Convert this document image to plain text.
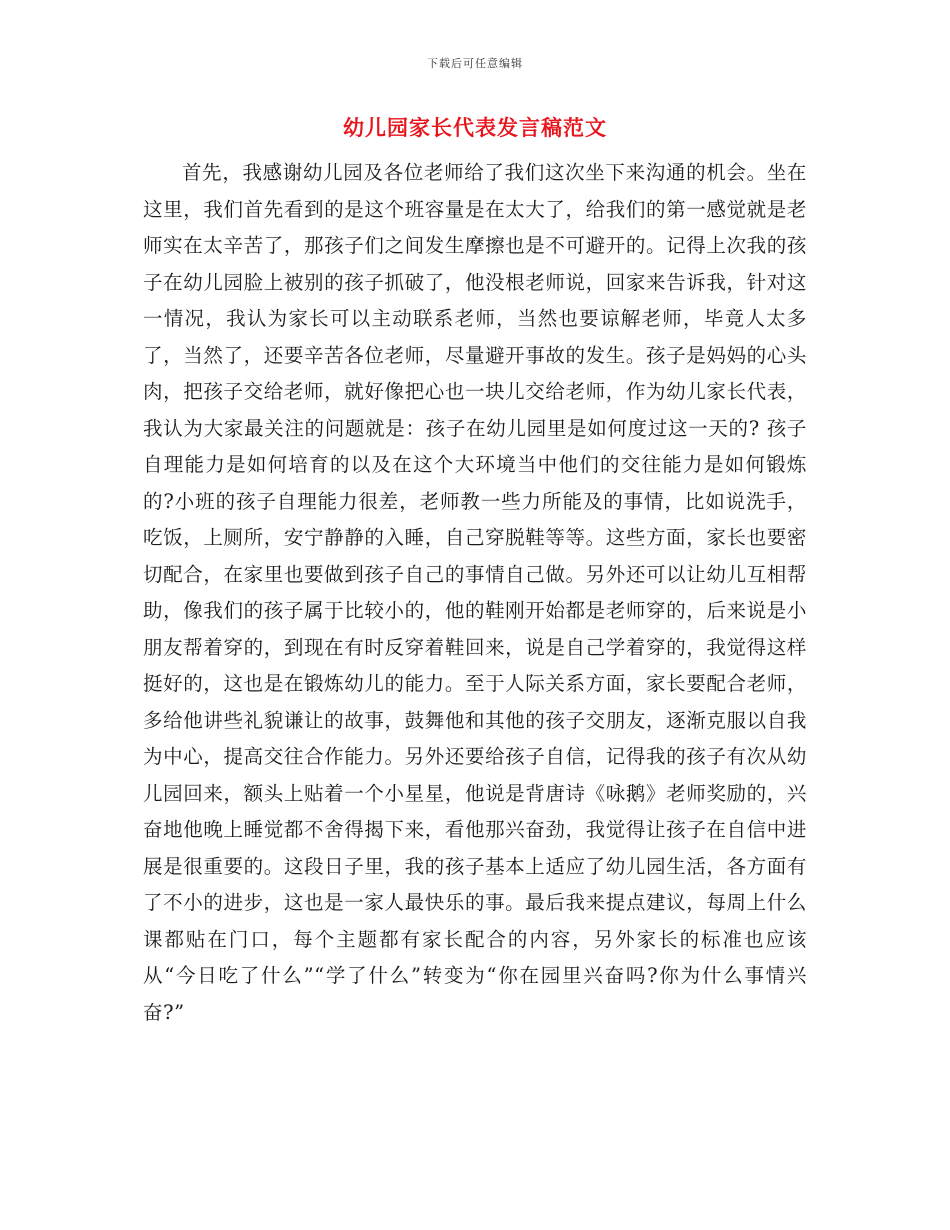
下载后可任意编辑
幼儿园家长代表发言稿范文
首先，我感谢幼儿园及各位老师给了我们这次坐下来沟通的机会。坐在这里，我们首先看到的是这个班容量是在太大了，给我们的第一感觉就是老师实在太辛苦了，那孩子们之间发生摩擦也是不可避开的。记得上次我的孩子在幼儿园脸上被别的孩子抓破了，他没根老师说，回家来告诉我，针对这一情况，我认为家长可以主动联系老师，当然也要谅解老师，毕竟人太多了，当然了，还要辛苦各位老师，尽量避开事故的发生。孩子是妈妈的心头肉，把孩子交给老师，就好像把心也一块儿交给老师，作为幼儿家长代表，我认为大家最关注的问题就是：孩子在幼儿园里是如何度过这一天的? 孩子自理能力是如何培育的以及在这个大环境当中他们的交往能力是如何锻炼的?小班的孩子自理能力很差，老师教一些力所能及的事情，比如说洗手，吃饭，上厕所，安宁静静的入睡，自己穿脱鞋等等。这些方面，家长也要密切配合，在家里也要做到孩子自己的事情自己做。另外还可以让幼儿互相帮助，像我们的孩子属于比较小的，他的鞋刚开始都是老师穿的，后来说是小朋友帮着穿的，到现在有时反穿着鞋回来，说是自己学着穿的，我觉得这样挺好的，这也是在锻炼幼儿的能力。至于人际关系方面，家长要配合老师，多给他讲些礼貌谦让的故事，鼓舞他和其他的孩子交朋友，逐渐克服以自我为中心，提高交往合作能力。另外还要给孩子自信，记得我的孩子有次从幼儿园回来，额头上贴着一个小星星，他说是背唐诗《咏鹅》老师奖励的，兴奋地他晚上睡觉都不舍得揭下来，看他那兴奋劲，我觉得让孩子在自信中进展是很重要的。这段日子里，我的孩子基本上适应了幼儿园生活，各方面有了不小的进步，这也是一家人最快乐的事。最后我来提点建议，每周上什么课都贴在门口，每个主题都有家长配合的内容，另外家长的标准也应该从“今日吃了什么”“学了什么”转变为“你在园里兴奋吗?你为什么事情兴奋?”
